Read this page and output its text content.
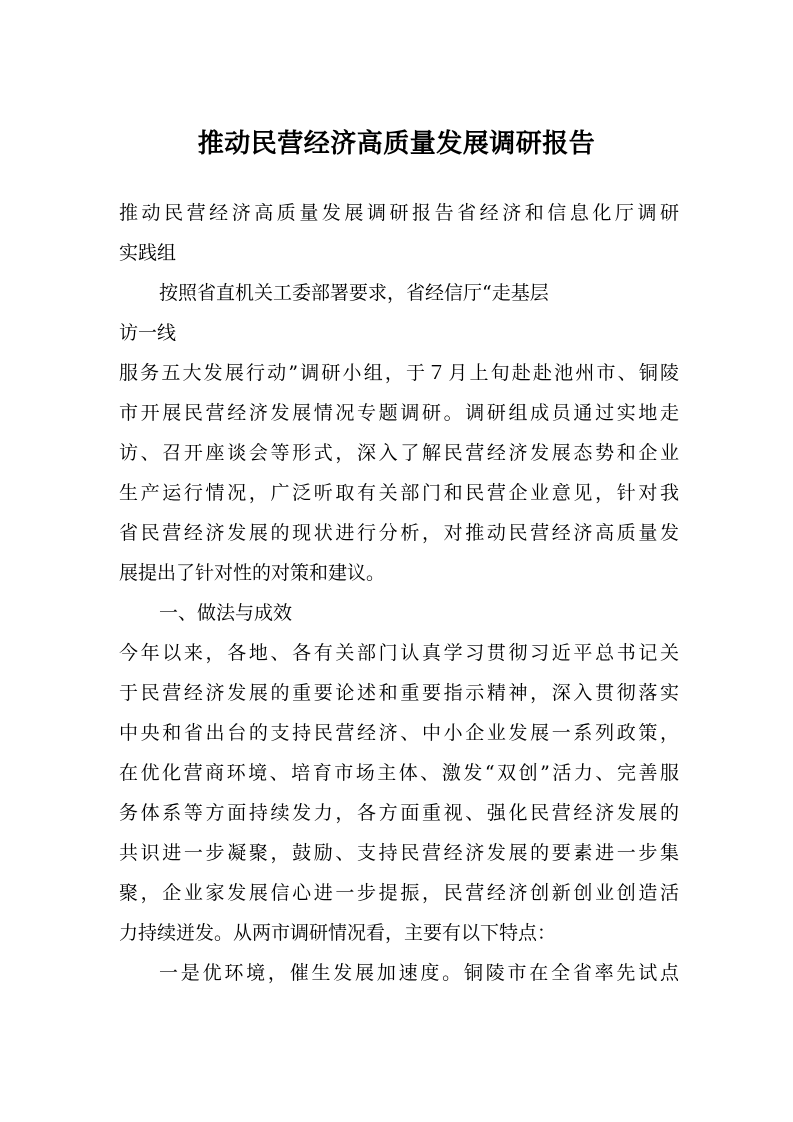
推动民营经济高质量发展调研报告
推动民营经济高质量发展调研报告省经济和信息化厅调研
实践组
按照省直机关工委部署要求，省经信厅“走基层
访一线
服务五大发展行动”调研小组，于７月上旬赴赴池州市、铜陵
市开展民营经济发展情况专题调研。调研组成员通过实地走
访、召开座谈会等形式，深入了解民营经济发展态势和企业
生产运行情况，广泛听取有关部门和民营企业意见，针对我
省民营经济发展的现状进行分析，对推动民营经济高质量发
展提出了针对性的对策和建议。
一、做法与成效
今年以来，各地、各有关部门认真学习贯彻习近平总书记关
于民营经济发展的重要论述和重要指示精神，深入贯彻落实
中央和省出台的支持民营经济、中小企业发展一系列政策，
在优化营商环境、培育市场主体、激发“双创”活力、完善服
务体系等方面持续发力，各方面重视、强化民营经济发展的
共识进一步凝聚，鼓励、支持民营经济发展的要素进一步集
聚，企业家发展信心进一步提振，民营经济创新创业创造活
力持续迸发。从两市调研情况看，主要有以下特点：
一是优环境，催生发展加速度。铜陵市在全省率先试点
